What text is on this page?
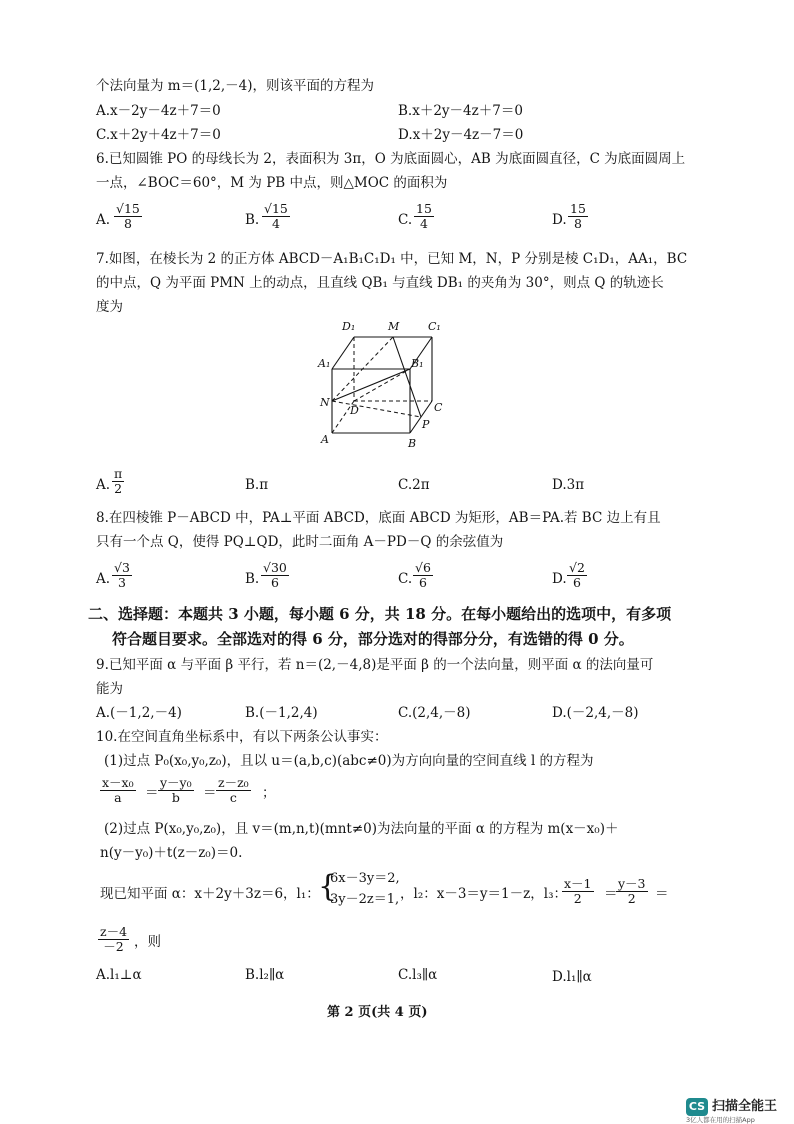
个法向量为 m＝(1,2,－4)，则该平面的方程为
A.x－2y－4z＋7＝0	B.x＋2y－4z＋7＝0
C.x＋2y＋4z＋7＝0	D.x＋2y－4z－7＝0
6.已知圆锥 PO 的母线长为 2，表面积为 3π，O 为底面圆心，AB 为底面圆直径，C 为底面圆周上
一点，∠BOC＝60°，M 为 PB 中点，则△MOC 的面积为
A. $\frac{√15}{8}$	B. $\frac{√15}{4}$	C. $\frac{15}{4}$	D. $\frac{15}{8}$
7.如图，在棱长为 2 的正方体 ABCD－A₁B₁C₁D₁ 中，已知 M，N，P 分别是棱 C₁D₁，AA₁，BC
的中点，Q 为平面 PMN 上的动点，且直线 QB₁ 与直线 DB₁ 的夹角为 30°，则点 Q 的轨迹长
度为
D₁	M	C₁
A₁	B₁
N
D	C
P
A	B
A. $\frac{\pi}{2}$	B.π	C.2π	D.3π
8.在四棱锥 P－ABCD 中，PA⊥平面 ABCD，底面 ABCD 为矩形，AB＝PA.若 BC 边上有且
只有一个点 Q，使得 PQ⊥QD，此时二面角 A－PD－Q 的余弦值为
A. $\frac{√3}{3}$	B. $\frac{√30}{6}$	C. $\frac{√6}{6}$	D. $\frac{√2}{6}$
二、选择题：本题共 3 小题，每小题 6 分，共 18 分。在每小题给出的选项中，有多项
符合题目要求。全部选对的得 6 分，部分选对的得部分分，有选错的得 0 分。
9.已知平面 α 与平面 β 平行，若 n＝(2,－4,8)是平面 β 的一个法向量，则平面 α 的法向量可
能为
A.(－1,2,－4)	B.(－1,2,4)	C.(2,4,－8)	D.(－2,4,－8)
10.在空间直角坐标系中，有以下两条公认事实：
(1)过点 P₀(x₀,y₀,z₀)，且以 u＝(a,b,c)(abc≠0)为方向向量的空间直线 l 的方程为
$\frac{\text{x－x₀}}{a} = \frac{\text{y－y₀}}{b} = \frac{\text{z－z₀}}{c}$ ；
(2)过点 P(x₀,y₀,z₀)，且 v＝(m,n,t)(mnt≠0)为法向量的平面 α 的方程为 m(x－x₀)＋
n(y－y₀)＋t(z－z₀)＝0.
现已知平面 α：x＋2y＋3z＝6，l₁：
{
6x－3y＝2,
3y－2z＝1, ，l₂：x－3＝y＝1－z，l₃：
$\frac{x-1}{2}$ ＝
$\frac{y-3}{2}$ ＝
$\frac{z-4}{-2}$ ，则
A.l₁⊥α	B.l₂∥α	C.l₃∥α	D.l₁∥α
第 2 页(共 4 页)
CS 扫描全能王
3亿人都在用的扫描App
